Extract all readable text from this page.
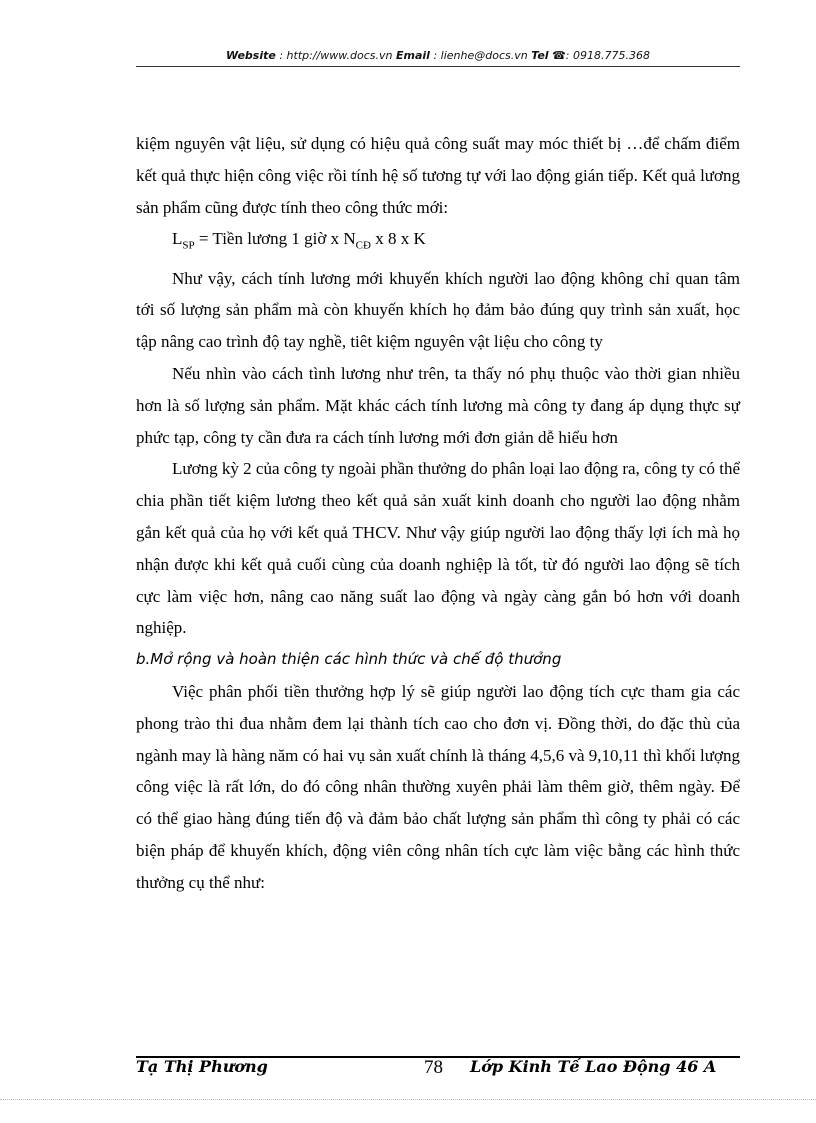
Website : http://www.docs.vn Email : lienhe@docs.vn Tel ☎: 0918.775.368

kiệm nguyên vật liệu, sử dụng có hiệu quả công suất may móc thiết bị …để chấm điểm kết quả thực hiện công việc rồi tính hệ số tương tự với lao động gián tiếp. Kết quả lương sản phẩm cũng được tính theo công thức mới:

$L_{SP}$ = Tiền lương 1 giờ x $N_{CĐ}$ x 8 x K

Như vậy, cách tính lương mới khuyến khích người lao động không chỉ quan tâm tới số lượng sản phẩm mà còn khuyến khích họ đảm bảo đúng quy trình sản xuất, học tập nâng cao trình độ tay nghề, tiêt kiệm nguyên vật liệu cho công ty

Nếu nhìn vào cách tình lương như trên, ta thấy nó phụ thuộc vào thời gian nhiều hơn là số lượng sản phẩm. Mặt khác cách tính lương mà công ty đang áp dụng thực sự phức tạp, công ty cần đưa ra cách tính lương mới đơn giản dễ hiểu hơn

Lương kỳ 2 của công ty ngoài phần thưởng do phân loại lao động ra, công ty có thể chia phần tiết kiệm lương theo kết quả sản xuất kinh doanh cho người lao động nhằm gắn kết quả của họ với kết quả THCV. Như vậy giúp người lao động thấy lợi ích mà họ nhận được khi kết quả cuối cùng của doanh nghiệp là tốt, từ đó người lao động sẽ tích cực làm việc hơn, nâng cao năng suất lao động và ngày càng gắn bó hơn với doanh nghiệp.

b.Mở rộng và hoàn thiện các hình thức và chế độ thưởng

Việc phân phối tiền thưởng hợp lý sẽ giúp người lao động tích cực tham gia các phong trào thi đua nhằm đem lại thành tích cao cho đơn vị. Đồng thời, do đặc thù của ngành may là hàng năm có hai vụ sản xuất chính là tháng 4,5,6 và 9,10,11 thì khối lượng công việc là rất lớn, do đó công nhân thường xuyên phải làm thêm giờ, thêm ngày. Để có thể giao hàng đúng tiến độ và đảm bảo chất lượng sản phẩm thì công ty phải có các biện pháp để khuyến khích, động viên công nhân tích cực làm việc bằng các hình thức thưởng cụ thể như:

Tạ Thị Phương	78 Lớp Kinh Tế Lao Động 46 A
